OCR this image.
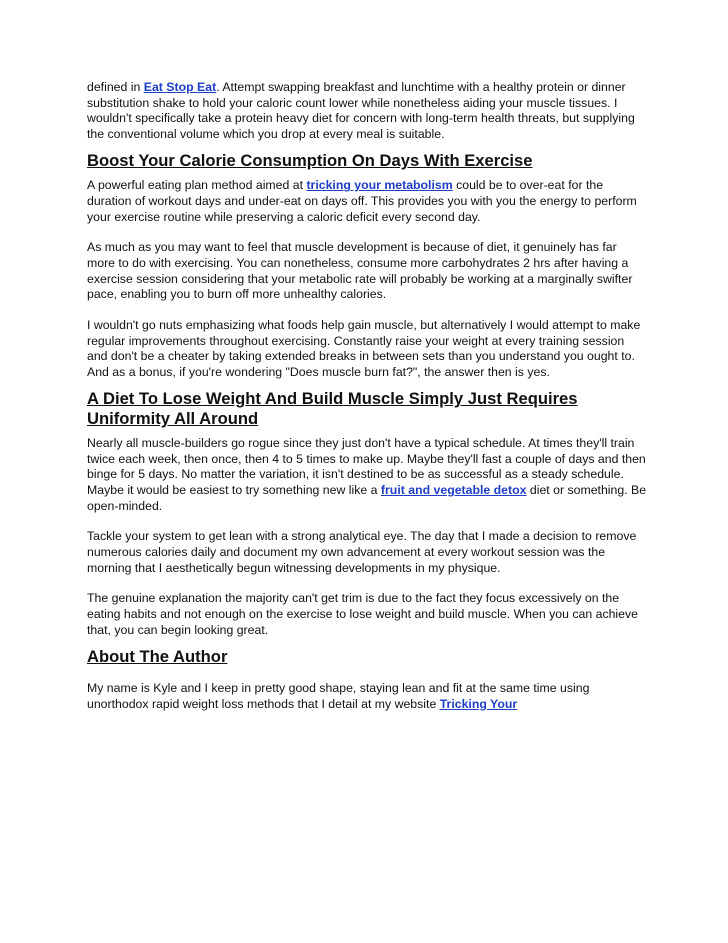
defined in Eat Stop Eat. Attempt swapping breakfast and lunchtime with a healthy protein or dinner substitution shake to hold your caloric count lower while nonetheless aiding your muscle tissues. I wouldn't specifically take a protein heavy diet for concern with long-term health threats, but supplying the conventional volume which you drop at every meal is suitable.

Boost Your Calorie Consumption On Days With Exercise

A powerful eating plan method aimed at tricking your metabolism could be to over-eat for the duration of workout days and under-eat on days off. This provides you with you the energy to perform your exercise routine while preserving a caloric deficit every second day.

As much as you may want to feel that muscle development is because of diet, it genuinely has far more to do with exercising. You can nonetheless, consume more carbohydrates 2 hrs after having a exercise session considering that your metabolic rate will probably be working at a marginally swifter pace, enabling you to burn off more unhealthy calories.

I wouldn't go nuts emphasizing what foods help gain muscle, but alternatively I would attempt to make regular improvements throughout exercising. Constantly raise your weight at every training session and don't be a cheater by taking extended breaks in between sets than you understand you ought to. And as a bonus, if you're wondering "Does muscle burn fat?", the answer then is yes.

A Diet To Lose Weight And Build Muscle Simply Just Requires Uniformity All Around

Nearly all muscle-builders go rogue since they just don't have a typical schedule. At times they'll train twice each week, then once, then 4 to 5 times to make up. Maybe they'll fast a couple of days and then binge for 5 days. No matter the variation, it isn't destined to be as successful as a steady schedule. Maybe it would be easiest to try something new like a fruit and vegetable detox diet or something. Be open-minded.

Tackle your system to get lean with a strong analytical eye. The day that I made a decision to remove numerous calories daily and document my own advancement at every workout session was the morning that I aesthetically begun witnessing developments in my physique.

The genuine explanation the majority can't get trim is due to the fact they focus excessively on the eating habits and not enough on the exercise to lose weight and build muscle. When you can achieve that, you can begin looking great.

About The Author

My name is Kyle and I keep in pretty good shape, staying lean and fit at the same time using unorthodox rapid weight loss methods that I detail at my website Tricking Your
